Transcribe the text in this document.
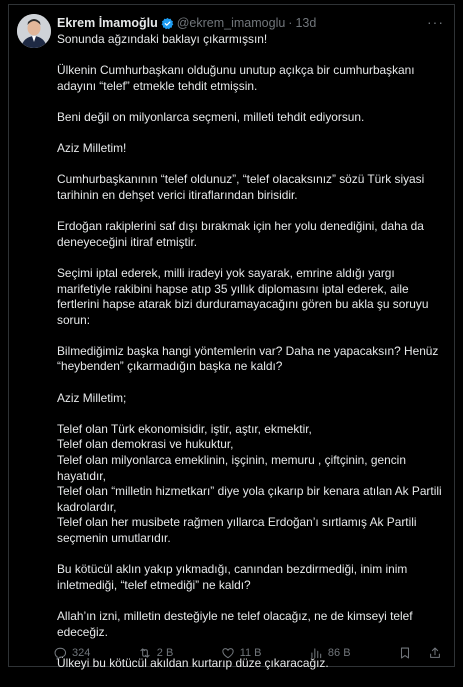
Ekrem İmamoğlu @ekrem_imamoglu · 13d	···

Sonunda ağzındaki baklayı çıkarmışsın!

Ülkenin Cumhurbaşkanı olduğunu unutup açıkça bir cumhurbaşkanı adayını “telef” etmekle tehdit etmişsin.

Beni değil on milyonlarca seçmeni, milleti tehdit ediyorsun.

Aziz Milletim!

Cumhurbaşkanının “telef oldunuz”, “telef olacaksınız” sözü Türk siyasi tarihinin en dehşet verici itiraflarından birisidir.

Erdoğan rakiplerini saf dışı bırakmak için her yolu denediğini, daha da deneyeceğini itiraf etmiştir.

Seçimi iptal ederek, milli iradeyi yok sayarak, emrine aldığı yargı marifetiyle rakibini hapse atıp 35 yıllık diplomasını iptal ederek, aile fertlerini hapse atarak bizi durduramayacağını gören bu akla şu soruyu sorun:

Bilmediğimiz başka hangi yöntemlerin var? Daha ne yapacaksın? Henüz “heybenden” çıkarmadığın başka ne kaldı?

Aziz Milletim;

Telef olan Türk ekonomisidir, iştir, aştır, ekmektir,

Telef olan demokrasi ve hukuktur,

Telef olan milyonlarca emeklinin, işçinin, memuru , çiftçinin, gencin hayatıdır,

Telef olan “milletin hizmetkarı” diye yola çıkarıp bir kenara atılan Ak Partili kadrolardır,

Telef olan her musibete rağmen yıllarca Erdoğan’ı sırtlamış Ak Partili seçmenin umutlarıdır.

Bu kötücül aklın yakıp yıkmadığı, canından bezdirmediği, inim inim inletmediği, “telef etmediği” ne kaldı?

Allah’ın izni, milletin desteğiyle ne telef olacağız, ne de kimseyi telef edeceğiz.

Ülkeyi bu kötücül akıldan kurtarıp düze çıkaracağız.

324	2 B	11 B	86 B
